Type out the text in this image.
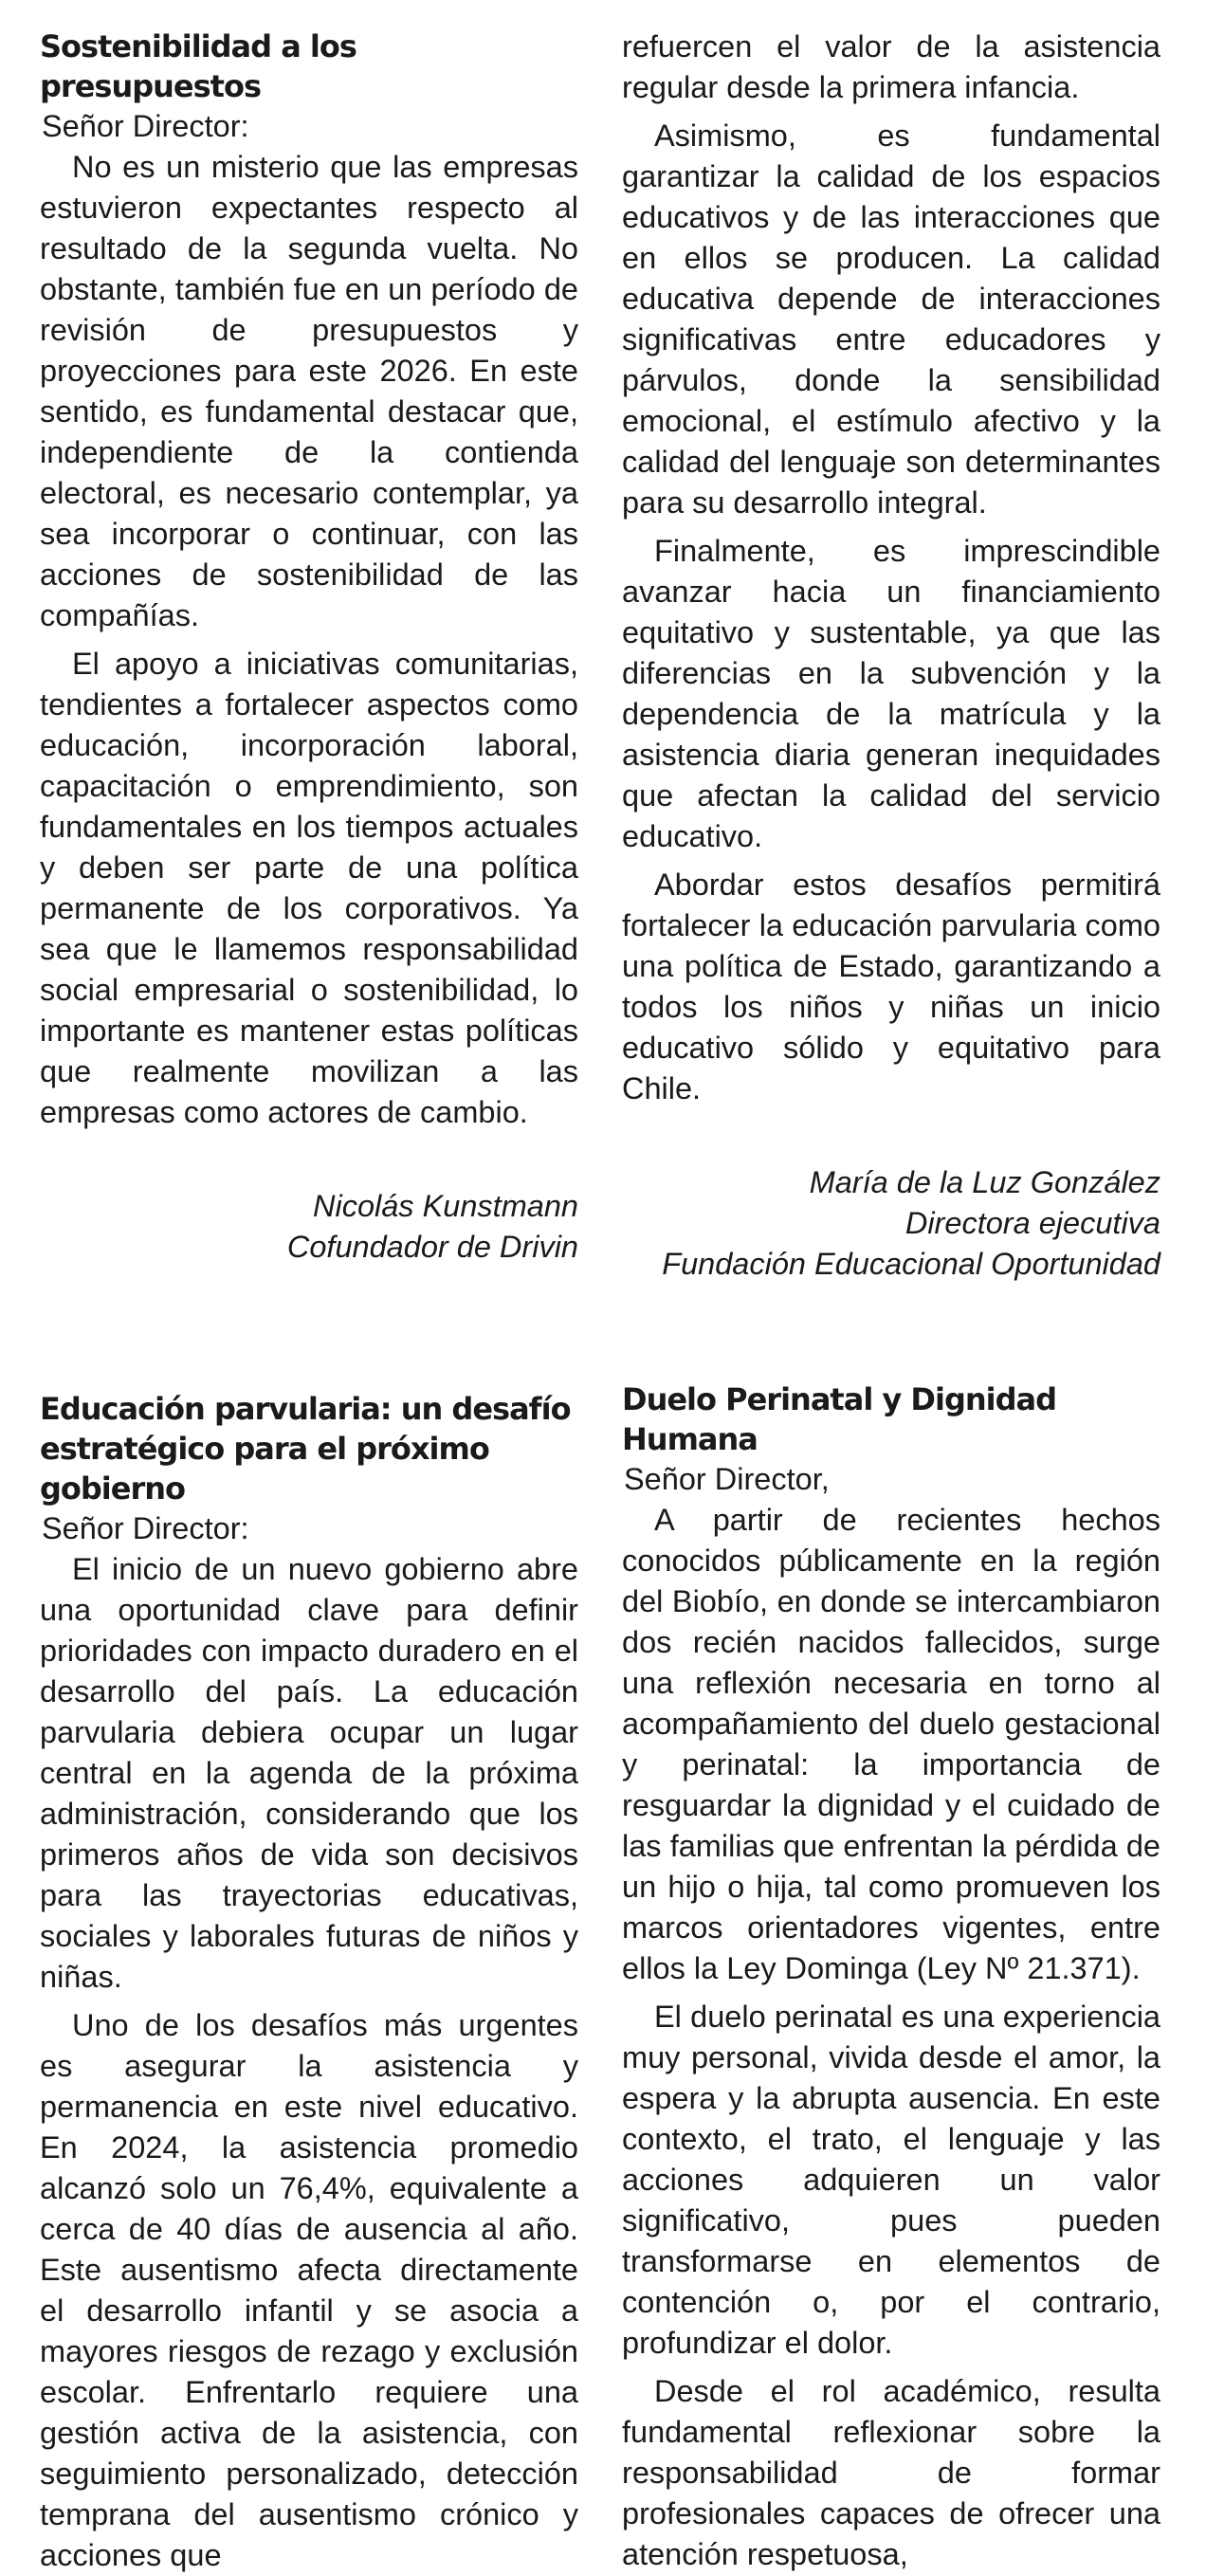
Sostenibilidad a los presupuestos

Señor Director:

No es un misterio que las empresas estuvieron expectantes respecto al resultado de la segunda vuelta. No obstante, también fue en un período de revisión de presupuestos y proyecciones para este 2026. En este sentido, es fundamental destacar que, independiente de la contienda electoral, es necesario contemplar, ya sea incorporar o continuar, con las acciones de sostenibilidad de las compañías.

El apoyo a iniciativas comunitarias, tendientes a fortalecer aspectos como educación, incorporación laboral, capacitación o emprendimiento, son fundamentales en los tiempos actuales y deben ser parte de una política permanente de los corporativos. Ya sea que le llamemos responsabilidad social empresarial o sostenibilidad, lo importante es mantener estas políticas que realmente movilizan a las empresas como actores de cambio.

Nicolás Kunstmann
Cofundador de Drivin
Educación parvularia: un desafío estratégico para el próximo gobierno

Señor Director:

El inicio de un nuevo gobierno abre una oportunidad clave para definir prioridades con impacto duradero en el desarrollo del país. La educación parvularia debiera ocupar un lugar central en la agenda de la próxima administración, considerando que los primeros años de vida son decisivos para las trayectorias educativas, sociales y laborales futuras de niños y niñas.

Uno de los desafíos más urgentes es asegurar la asistencia y permanencia en este nivel educativo. En 2024, la asistencia promedio alcanzó solo un 76,4%, equivalente a cerca de 40 días de ausencia al año. Este ausentismo afecta directamente el desarrollo infantil y se asocia a mayores riesgos de rezago y exclusión escolar. Enfrentarlo requiere una gestión activa de la asistencia, con seguimiento personalizado, detección temprana del ausentismo crónico y acciones que

refuercen el valor de la asistencia regular desde la primera infancia.

Asimismo, es fundamental garantizar la calidad de los espacios educativos y de las interacciones que en ellos se producen. La calidad educativa depende de interacciones significativas entre educadores y párvulos, donde la sensibilidad emocional, el estímulo afectivo y la calidad del lenguaje son determinantes para su desarrollo integral.

Finalmente, es imprescindible avanzar hacia un financiamiento equitativo y sustentable, ya que las diferencias en la subvención y la dependencia de la matrícula y la asistencia diaria generan inequidades que afectan la calidad del servicio educativo.

Abordar estos desafíos permitirá fortalecer la educación parvularia como una política de Estado, garantizando a todos los niños y niñas un inicio educativo sólido y equitativo para Chile.

María de la Luz González
Directora ejecutiva
Fundación Educacional Oportunidad
Duelo Perinatal y Dignidad Humana

Señor Director,

A partir de recientes hechos conocidos públicamente en la región del Biobío, en donde se intercambiaron dos recién nacidos fallecidos, surge una reflexión necesaria en torno al acompañamiento del duelo gestacional y perinatal: la importancia de resguardar la dignidad y el cuidado de las familias que enfrentan la pérdida de un hijo o hija, tal como promueven los marcos orientadores vigentes, entre ellos la Ley Dominga (Ley Nº 21.371).

El duelo perinatal es una experiencia muy personal, vivida desde el amor, la espera y la abrupta ausencia. En este contexto, el trato, el lenguaje y las acciones adquieren un valor significativo, pues pueden transformarse en elementos de contención o, por el contrario, profundizar el dolor.

Desde el rol académico, resulta fundamental reflexionar sobre la responsabilidad de formar profesionales capaces de ofrecer una atención respetuosa,
